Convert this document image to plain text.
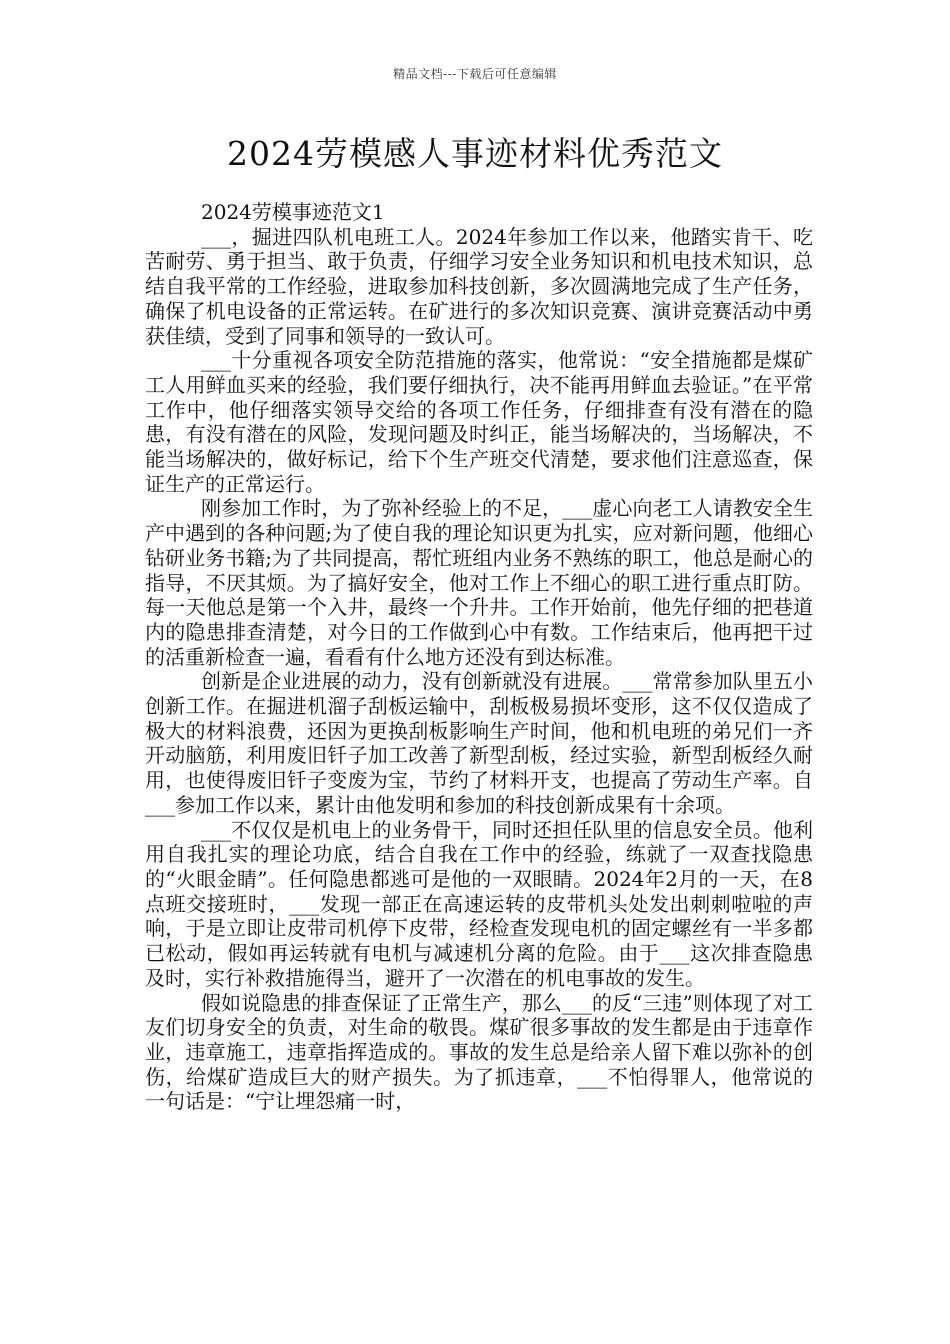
精品文档---下载后可任意编辑
2024劳模感人事迹材料优秀范文

2024劳模事迹范文1

___，掘进四队机电班工人。2024年参加工作以来，他踏实肯干、吃苦耐劳、勇于担当、敢于负责，仔细学习安全业务知识和机电技术知识，总结自我平常的工作经验，进取参加科技创新，多次圆满地完成了生产任务，确保了机电设备的正常运转。在矿进行的多次知识竞赛、演讲竞赛活动中勇获佳绩，受到了同事和领导的一致认可。

___十分重视各项安全防范措施的落实，他常说：“安全措施都是煤矿工人用鲜血买来的经验，我们要仔细执行，决不能再用鲜血去验证。”在平常工作中，他仔细落实领导交给的各项工作任务，仔细排查有没有潜在的隐患，有没有潜在的风险，发现问题及时纠正，能当场解决的，当场解决，不能当场解决的，做好标记，给下个生产班交代清楚，要求他们注意巡查，保证生产的正常运行。

刚参加工作时，为了弥补经验上的不足，___虚心向老工人请教安全生产中遇到的各种问题;为了使自我的理论知识更为扎实，应对新问题，他细心钻研业务书籍;为了共同提高，帮忙班组内业务不熟练的职工，他总是耐心的指导，不厌其烦。为了搞好安全，他对工作上不细心的职工进行重点盯防。每一天他总是第一个入井，最终一个升井。工作开始前，他先仔细的把巷道内的隐患排查清楚，对今日的工作做到心中有数。工作结束后，他再把干过的活重新检查一遍，看看有什么地方还没有到达标准。

创新是企业进展的动力，没有创新就没有进展。___常常参加队里五小创新工作。在掘进机溜子刮板运输中，刮板极易损坏变形，这不仅仅造成了极大的材料浪费，还因为更换刮板影响生产时间，他和机电班的弟兄们一齐开动脑筋，利用废旧钎子加工改善了新型刮板，经过实验，新型刮板经久耐用，也使得废旧钎子变废为宝，节约了材料开支，也提高了劳动生产率。自___参加工作以来，累计由他发明和参加的科技创新成果有十余项。

___不仅仅是机电上的业务骨干，同时还担任队里的信息安全员。他利用自我扎实的理论功底，结合自我在工作中的经验，练就了一双查找隐患的“火眼金睛”。任何隐患都逃可是他的一双眼睛。2024年2月的一天，在8点班交接班时，___发现一部正在高速运转的皮带机头处发出刺刺啦啦的声响，于是立即让皮带司机停下皮带，经检查发现电机的固定螺丝有一半多都已松动，假如再运转就有电机与减速机分离的危险。由于___这次排查隐患及时，实行补救措施得当，避开了一次潜在的机电事故的发生。

假如说隐患的排查保证了正常生产，那么___的反“三违”则体现了对工友们切身安全的负责，对生命的敬畏。煤矿很多事故的发生都是由于违章作业，违章施工，违章指挥造成的。事故的发生总是给亲人留下难以弥补的创伤，给煤矿造成巨大的财产损失。为了抓违章，___不怕得罪人，他常说的一句话是：“宁让埋怨痛一时，
